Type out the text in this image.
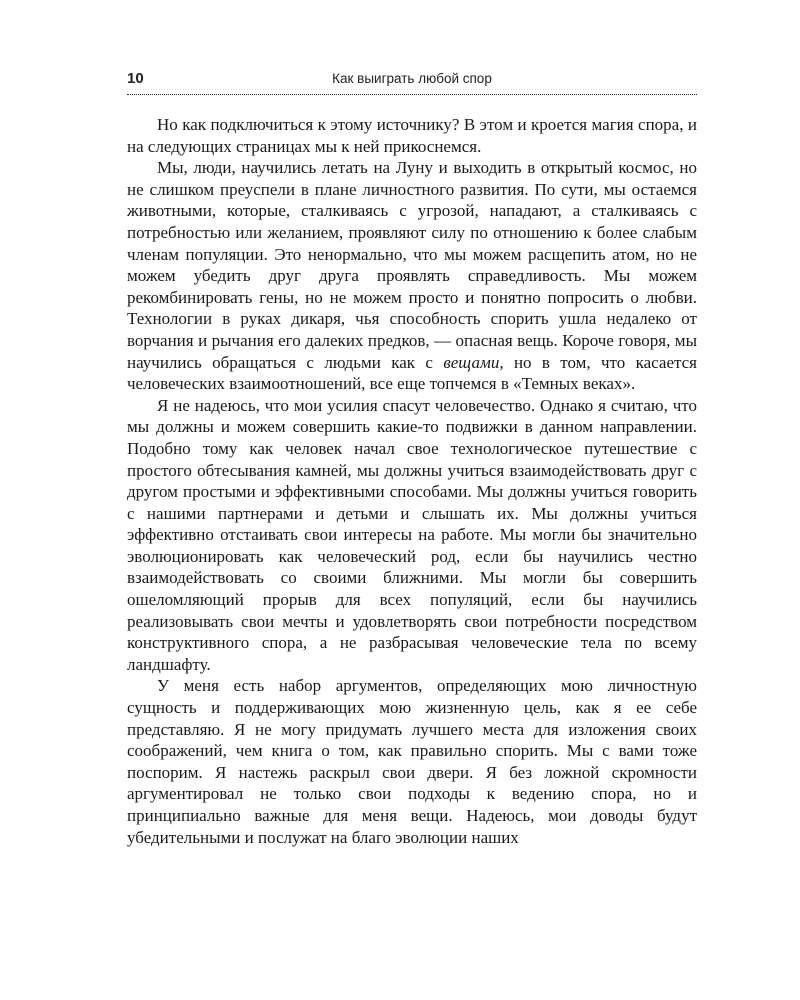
10	Как выиграть любой спор

Но как подключиться к этому источнику? В этом и кроется магия спора, и на следующих страницах мы к ней прикоснемся.

Мы, люди, научились летать на Луну и выходить в открытый космос, но не слишком преуспели в плане личностного развития. По сути, мы остаемся животными, которые, сталкиваясь с угрозой, нападают, а сталкиваясь с потребностью или желанием, проявляют силу по отношению к более слабым членам популяции. Это ненормально, что мы можем расщепить атом, но не можем убедить друг друга проявлять справедливость. Мы можем рекомбинировать гены, но не можем просто и понятно попросить о любви. Технологии в руках дикаря, чья способность спорить ушла недалеко от ворчания и рычания его далеких предков, — опасная вещь. Короче говоря, мы научились обращаться с людьми как с вещами, но в том, что касается человеческих взаимоотношений, все еще топчемся в «Темных веках».

Я не надеюсь, что мои усилия спасут человечество. Однако я считаю, что мы должны и можем совершить какие-то подвижки в данном направлении. Подобно тому как человек начал свое технологическое путешествие с простого обтесывания камней, мы должны учиться взаимодействовать друг с другом простыми и эффективными способами. Мы должны учиться говорить с нашими партнерами и детьми и слышать их. Мы должны учиться эффективно отстаивать свои интересы на работе. Мы могли бы значительно эволюционировать как человеческий род, если бы научились честно взаимодействовать со своими ближними. Мы могли бы совершить ошеломляющий прорыв для всех популяций, если бы научились реализовывать свои мечты и удовлетворять свои потребности посредством конструктивного спора, а не разбрасывая человеческие тела по всему ландшафту.

У меня есть набор аргументов, определяющих мою личностную сущность и поддерживающих мою жизненную цель, как я ее себе представляю. Я не могу придумать лучшего места для изложения своих соображений, чем книга о том, как правильно спорить. Мы с вами тоже поспорим. Я настежь раскрыл свои двери. Я без ложной скромности аргументировал не только свои подходы к ведению спора, но и принципиально важные для меня вещи. Надеюсь, мои доводы будут убедительными и послужат на благо эволюции наших
